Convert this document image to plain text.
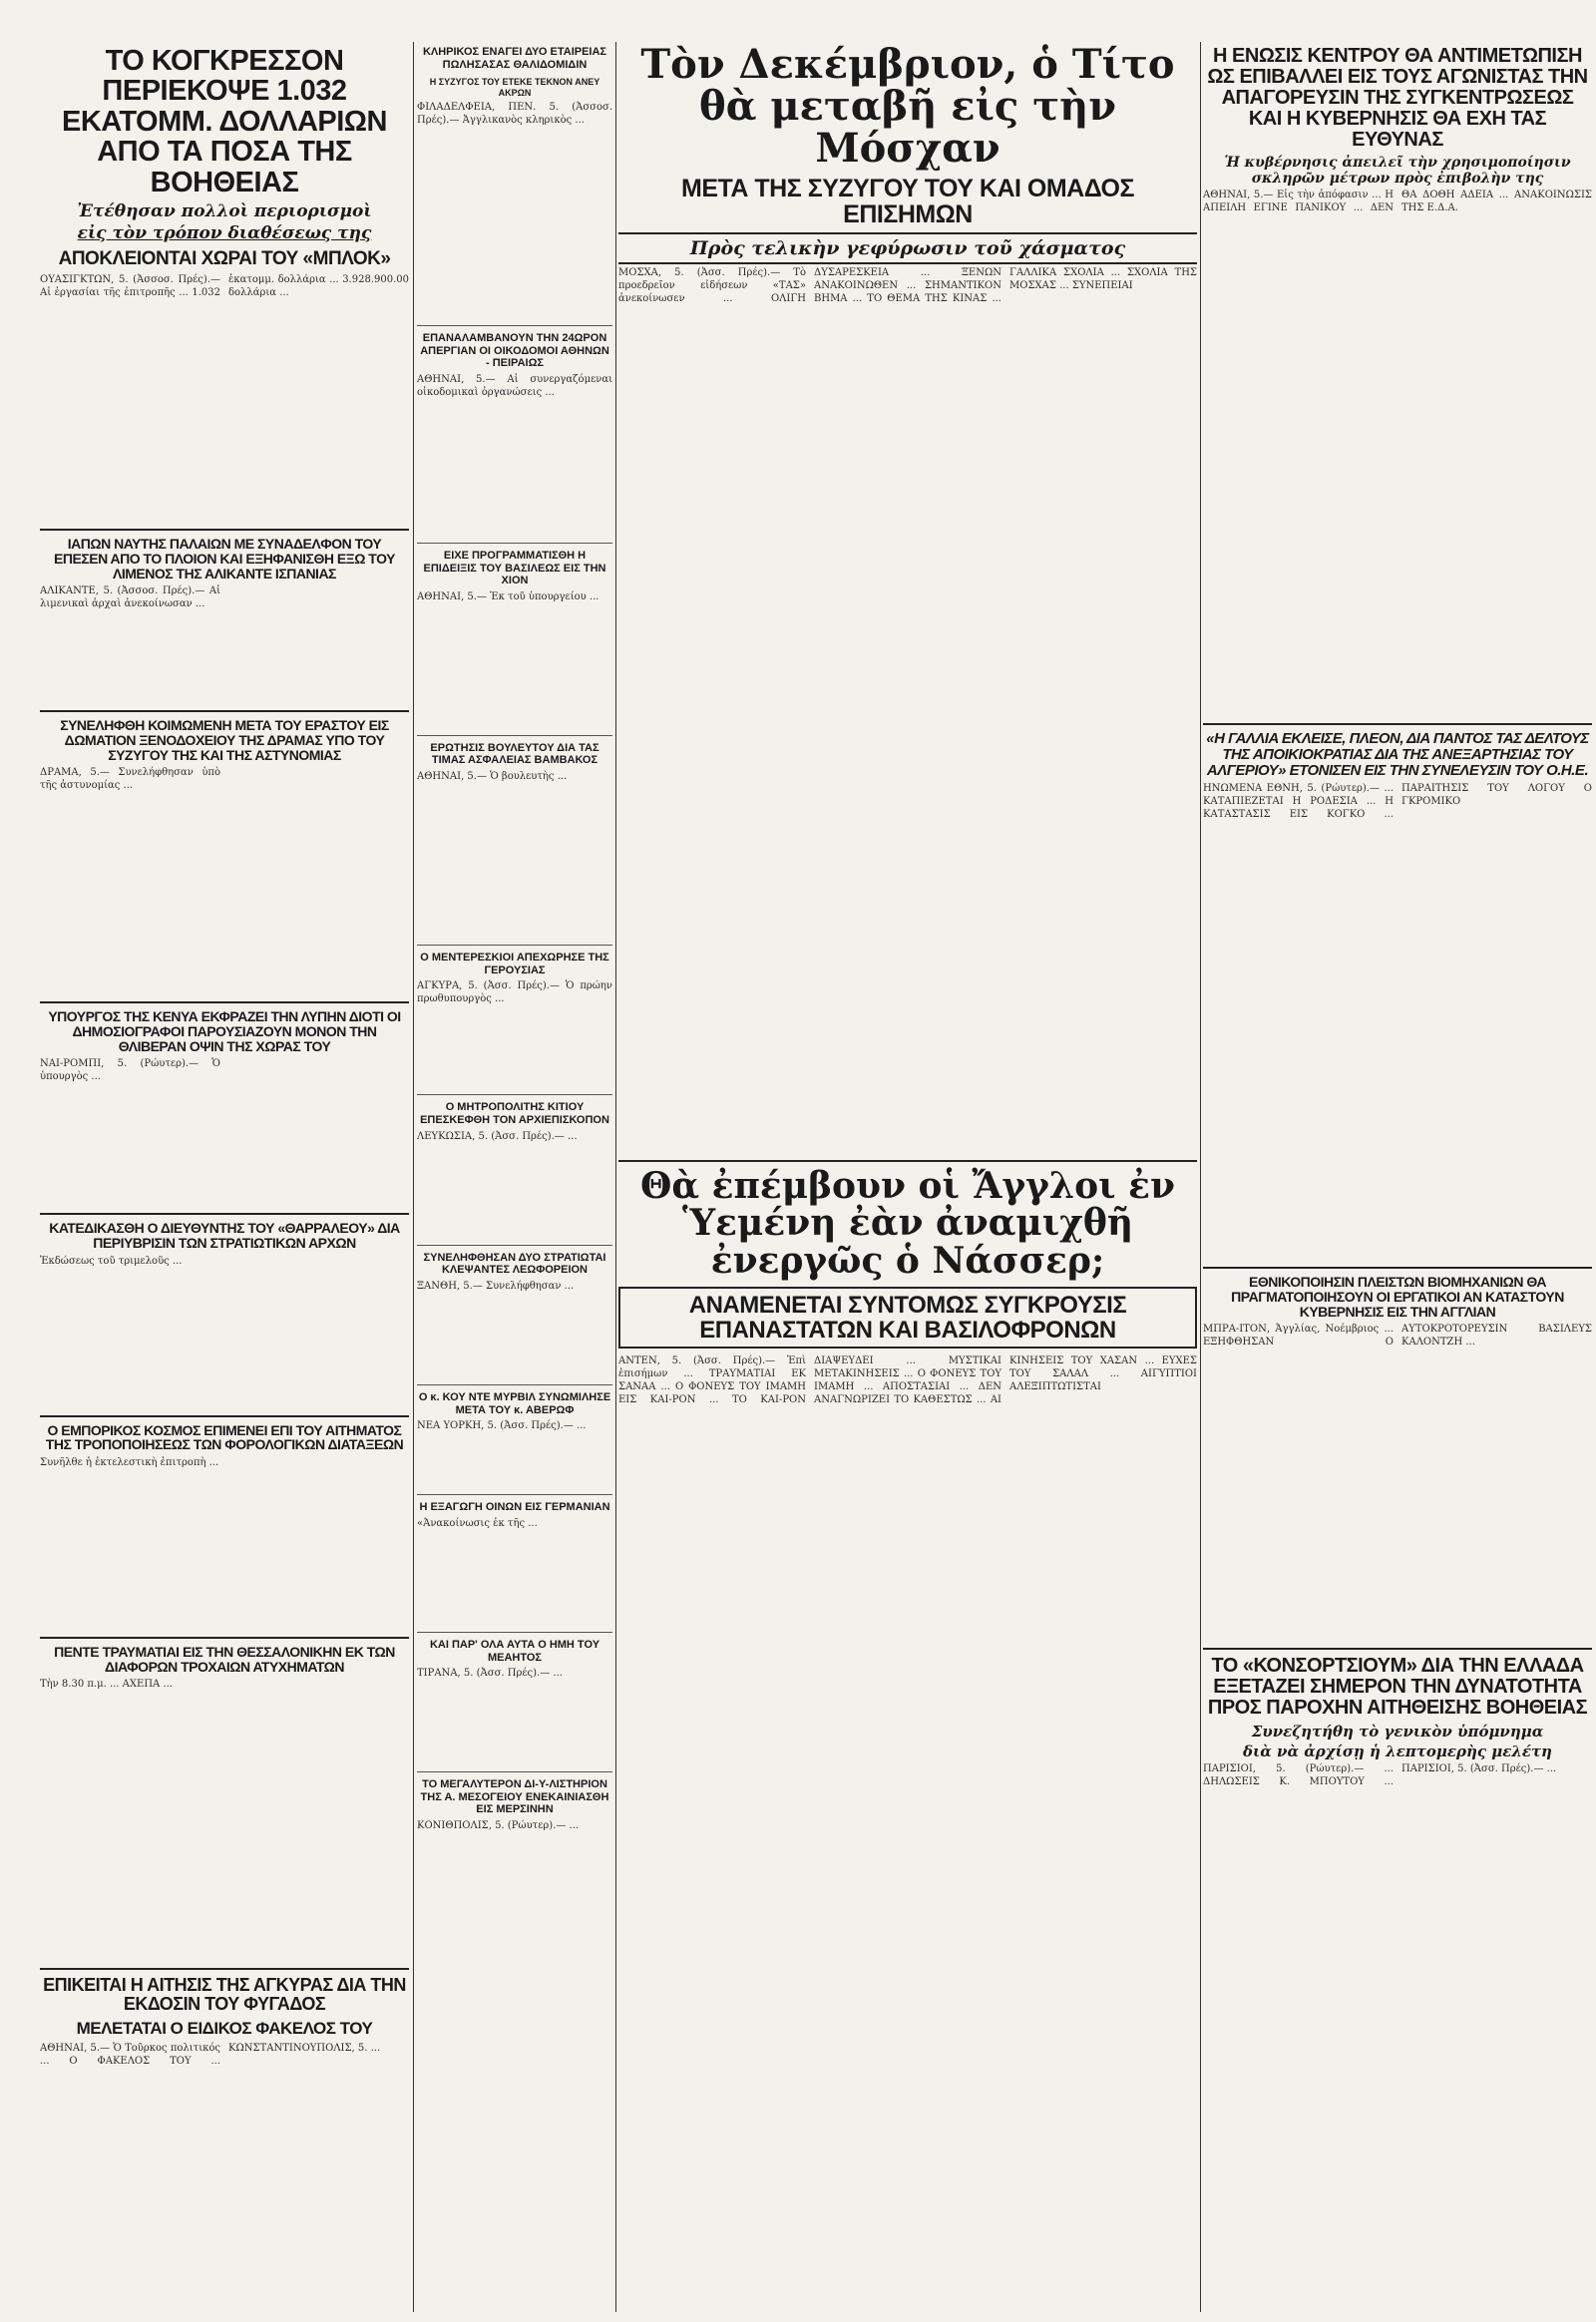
ΤΟ ΚΟΓΚΡΕΣΣΟΝ ΠΕΡΙΕΚΟΨΕ 1.032 ΕΚΑΤΟΜΜ. ΔΟΛΛΑΡΙΩΝ ΑΠΟ ΤΑ ΠΟΣΑ ΤΗΣ ΒΟΗΘΕΙΑΣ
Ἐτέθησαν πολλοὶ περιορισμοὶ
εἰς τὸν τρόπον διαθέσεως της
ΑΠΟΚΛΕΙΟΝΤΑΙ ΧΩΡΑΙ ΤΟΥ «ΜΠΛΟΚ»
ΟΥΑΣΙΓΚΤΩΝ, 5. (Ἀσσοσ. Πρές).— Αἱ ἐργασίαι τῆς ἐπιτροπῆς ... 1.032 ἑκατομμ. δολλάρια ... 3.928.900.00 δολλάρια ...
ΙΑΠΩΝ ΝΑΥΤΗΣ ΠΑΛΑΙΩΝ ΜΕ ΣΥΝΑΔΕΛΦΟΝ ΤΟΥ ΕΠΕΣΕΝ ΑΠΟ ΤΟ ΠΛΟΙΟΝ ΚΑΙ ΕΞΗΦΑΝΙΣΘΗ ΕΞΩ ΤΟΥ ΛΙΜΕΝΟΣ ΤΗΣ ΑΛΙΚΑΝΤΕ ΙΣΠΑΝΙΑΣ
ΑΛΙΚΑΝΤΕ, 5. (Ἀσσοσ. Πρές).— Αἱ λιμενικαὶ ἀρχαὶ ἀνεκοίνωσαν ...
ΣΥΝΕΛΗΦΘΗ ΚΟΙΜΩΜΕΝΗ ΜΕΤΑ ΤΟΥ ΕΡΑΣΤΟΥ ΕΙΣ ΔΩΜΑΤΙΟΝ ΞΕΝΟΔΟΧΕΙΟΥ ΤΗΣ ΔΡΑΜΑΣ ΥΠΟ ΤΟΥ ΣΥΖΥΓΟΥ ΤΗΣ ΚΑΙ ΤΗΣ ΑΣΤΥΝΟΜΙΑΣ
ΔΡΑΜΑ, 5.— Συνελήφθησαν ὑπὸ τῆς ἀστυνομίας ...
ΥΠΟΥΡΓΟΣ ΤΗΣ ΚΕΝΥΑ ΕΚΦΡΑΖΕΙ ΤΗΝ ΛΥΠΗΝ ΔΙΟΤΙ ΟΙ ΔΗΜΟΣΙΟΓΡΑΦΟΙ ΠΑΡΟΥΣΙΑΖΟΥΝ ΜΟΝΟΝ ΤΗΝ ΘΛΙΒΕΡΑΝ ΟΨΙΝ ΤΗΣ ΧΩΡΑΣ ΤΟΥ
ΝΑΙ-ΡΟΜΠΙ, 5. (Ρώυτερ).— Ὁ ὑπουργὸς ...
ΚΑΤΕΔΙΚΑΣΘΗ Ο ΔΙΕΥΘΥΝΤΗΣ ΤΟΥ «ΘΑΡΡΑΛΕΟΥ» ΔΙΑ ΠΕΡΙΥΒΡΙΣΙΝ ΤΩΝ ΣΤΡΑΤΙΩΤΙΚΩΝ ΑΡΧΩΝ
Ἐκδώσεως τοῦ τριμελοῦς ...
Ο ΕΜΠΟΡΙΚΟΣ ΚΟΣΜΟΣ ΕΠΙΜΕΝΕΙ ΕΠΙ ΤΟΥ ΑΙΤΗΜΑΤΟΣ ΤΗΣ ΤΡΟΠΟΠΟΙΗΣΕΩΣ ΤΩΝ ΦΟΡΟΛΟΓΙΚΩΝ ΔΙΑΤΑΞΕΩΝ
Συνῆλθε ἡ ἐκτελεστικὴ ἐπιτροπὴ ...
ΠΕΝΤΕ ΤΡΑΥΜΑΤΙΑΙ ΕΙΣ ΤΗΝ ΘΕΣΣΑΛΟΝΙΚΗΝ ΕΚ ΤΩΝ ΔΙΑΦΟΡΩΝ ΤΡΟΧΑΙΩΝ ΑΤΥΧΗΜΑΤΩΝ
Τὴν 8.30 π.μ. ... ΑΧΕΠΑ ...
ΕΠΙΚΕΙΤΑΙ Η ΑΙΤΗΣΙΣ ΤΗΣ ΑΓΚΥΡΑΣ ΔΙΑ ΤΗΝ ΕΚΔΟΣΙΝ ΤΟΥ ΦΥΓΑΔΟΣ
ΜΕΛΕΤΑΤΑΙ Ο ΕΙΔΙΚΟΣ ΦΑΚΕΛΟΣ ΤΟΥ
ΑΘΗΝΑΙ, 5.— Ὁ Τοῦρκος πολιτικός ... Ο ΦΑΚΕΛΟΣ ΤΟΥ ... ΚΩΝΣΤΑΝΤΙΝΟΥΠΟΛΙΣ, 5. ...
ΚΛΗΡΙΚΟΣ ΕΝΑΓΕΙ ΔΥΟ ΕΤΑΙΡΕΙΑΣ ΠΩΛΗΣΑΣΑΣ ΘΑΛΙΔΟΜΙΔΙΝ
Η ΣΥΖΥΓΟΣ ΤΟΥ ΕΤΕΚΕ ΤΕΚΝΟΝ ΑΝΕΥ ΑΚΡΩΝ
ΦΙΛΑΔΕΛΦΕΙΑ, ΠΕΝ. 5. (Ἀσσοσ. Πρές).— Ἀγγλικανὸς κληρικὸς ...
ΕΠΑΝΑΛΑΜΒΑΝΟΥΝ ΤΗΝ 24ΩΡΟΝ ΑΠΕΡΓΙΑΝ ΟΙ ΟΙΚΟΔΟΜΟΙ ΑΘΗΝΩΝ - ΠΕΙΡΑΙΩΣ
ΑΘΗΝΑΙ, 5.— Αἱ συνεργαζόμεναι οἰκοδομικαὶ ὀργανώσεις ...
ΕΙΧΕ ΠΡΟΓΡΑΜΜΑΤΙΣΘΗ Η ΕΠΙΔΕΙΞΙΣ ΤΟΥ ΒΑΣΙΛΕΩΣ ΕΙΣ ΤΗΝ ΧΙΟΝ
ΑΘΗΝΑΙ, 5.— Ἐκ τοῦ ὑπουργείου ...
ΕΡΩΤΗΣΙΣ ΒΟΥΛΕΥΤΟΥ ΔΙΑ ΤΑΣ ΤΙΜΑΣ ΑΣΦΑΛΕΙΑΣ ΒΑΜΒΑΚΟΣ
ΑΘΗΝΑΙ, 5.— Ὁ βουλευτὴς ...
Ο ΜΕΝΤΕΡΕΣΚΙΟΙ ΑΠΕΧΩΡΗΣΕ ΤΗΣ ΓΕΡΟΥΣΙΑΣ
ΑΓΚΥΡΑ, 5. (Ἀσσ. Πρές).— Ὁ πρώην πρωθυπουργὸς ...
Ο ΜΗΤΡΟΠΟΛΙΤΗΣ ΚΙΤΙΟΥ ΕΠΕΣΚΕΦΘΗ ΤΟΝ ΑΡΧΙΕΠΙΣΚΟΠΟΝ
ΛΕΥΚΩΣΙΑ, 5. (Ἀσσ. Πρές).— ...
ΣΥΝΕΛΗΦΘΗΣΑΝ ΔΥΟ ΣΤΡΑΤΙΩΤΑΙ ΚΛΕΨΑΝΤΕΣ ΛΕΩΦΟΡΕΙΟΝ
ΞΑΝΘΗ, 5.— Συνελήφθησαν ...
Ο κ. ΚΟΥ ΝΤΕ ΜΥΡΒΙΛ ΣΥΝΩΜΙΛΗΣΕ ΜΕΤΑ ΤΟΥ κ. ΑΒΕΡΩΦ
ΝΕΑ ΥΟΡΚΗ, 5. (Ἀσσ. Πρές).— ...
Η ΕΞΑΓΩΓΗ ΟΙΝΩΝ ΕΙΣ ΓΕΡΜΑΝΙΑΝ
«Ἀνακοίνωσις ἐκ τῆς ...
ΚΑΙ ΠΑΡ' ΟΛΑ ΑΥΤΑ Ο ΗΜΗ ΤΟΥ ΜΕΑΗΤΟΣ
ΤΙΡΑΝΑ, 5. (Ἀσσ. Πρές).— ...
ΤΟ ΜΕΓΑΛΥΤΕΡΟΝ ΔΙ-Υ-ΛΙΣΤΗΡΙΟΝ ΤΗΣ Α. ΜΕΣΟΓΕΙΟΥ ΕΝΕΚΑΙΝΙΑΣΘΗ ΕΙΣ ΜΕΡΣΙΝΗΝ
ΚΟΝΙΘΠΟΛΙΣ, 5. (Ρώυτερ).— ...
Τὸν Δεκέμβριον, ὁ Τίτο θὰ μεταβῆ εἰς τὴν Μόσχαν
ΜΕΤΑ ΤΗΣ ΣΥΖΥΓΟΥ ΤΟΥ ΚΑΙ ΟΜΑΔΟΣ ΕΠΙΣΗΜΩΝ
Πρὸς τελικὴν γεφύρωσιν τοῦ χάσματος
ΜΟΣΧΑ, 5. (Ἀσσ. Πρές).— Τὸ προεδρεῖον εἰδήσεων «ΤΑΣ» ἀνεκοίνωσεν ... ΟΛΙΓΗ ΔΥΣΑΡΕΣΚΕΙΑ ... ΞΕΝΩΝ ΑΝΑΚΟΙΝΩΘΕΝ ... ΣΗΜΑΝΤΙΚΟΝ ΒΗΜΑ ... ΤΟ ΘΕΜΑ ΤΗΣ ΚΙΝΑΣ ... ΓΑΛΛΙΚΑ ΣΧΟΛΙΑ ... ΣΧΟΛΙΑ ΤΗΣ ΜΟΣΧΑΣ ... ΣΥΝΕΠΕΙΑΙ
Θὰ ἐπέμβουν οἱ Ἄγγλοι ἐν Ὑεμένη ἐὰν ἀναμιχθῆ ἐνεργῶς ὁ Νάσσερ;
ΑΝΑΜΕΝΕΤΑΙ ΣΥΝΤΟΜΩΣ ΣΥΓΚΡΟΥΣΙΣ ΕΠΑΝΑΣΤΑΤΩΝ ΚΑΙ ΒΑΣΙΛΟΦΡΟΝΩΝ
ΑΝΤΕΝ, 5. (Ἀσσ. Πρές).— Ἐπὶ ἐπισήμων ... ΤΡΑΥΜΑΤΙΑΙ ΕΚ ΣΑΝΑΑ ... Ο ΦΟΝΕΥΣ ΤΟΥ ΙΜΑΜΗ ΕΙΣ ΚΑΙ-ΡΟΝ ... ΤΟ ΚΑΙ-ΡΟΝ ΔΙΑΨΕΥΔΕΙ ... ΜΥΣΤΙΚΑΙ ΜΕΤΑΚΙΝΗΣΕΙΣ ... Ο ΦΟΝΕΥΣ ΤΟΥ ΙΜΑΜΗ ... ΑΠΟΣΤΑΣΙΑΙ ... ΔΕΝ ΑΝΑΓΝΩΡΙΖΕΙ ΤΟ ΚΑΘΕΣΤΩΣ ... ΑΙ ΚΙΝΗΣΕΙΣ ΤΟΥ ΧΑΣΑΝ ... ΕΥΧΕΣ ΤΟΥ ΣΑΛΑΛ ... ΑΙΓΥΠΤΙΟΙ ΑΛΕΞΙΠΤΩΤΙΣΤΑΙ
Η ΕΝΩΣΙΣ ΚΕΝΤΡΟΥ ΘΑ ΑΝΤΙΜΕΤΩΠΙΣΗ ΩΣ ΕΠΙΒΑΛΛΕΙ ΕΙΣ ΤΟΥΣ ΑΓΩΝΙΣΤΑΣ ΤΗΝ ΑΠΑΓΟΡΕΥΣΙΝ ΤΗΣ ΣΥΓΚΕΝΤΡΩΣΕΩΣ ΚΑΙ Η ΚΥΒΕΡΝΗΣΙΣ ΘΑ ΕΧΗ ΤΑΣ ΕΥΘΥΝΑΣ
Ἡ κυβέρνησις ἀπειλεῖ τὴν χρησιμοποίησιν σκληρῶν μέτρων πρὸς ἐπιβολὴν της
ΑΘΗΝΑΙ, 5.— Εἰς τὴν ἀπόφασιν ... Η ΑΠΕΙΛΗ ΕΓΙΝΕ ΠΑΝΙΚΟΥ ... ΔΕΝ ΘΑ ΔΟΘΗ ΑΔΕΙΑ ... ΑΝΑΚΟΙΝΩΣΙΣ ΤΗΣ Ε.Δ.Α.
«Η ΓΑΛΛΙΑ ΕΚΛΕΙΣΕ, ΠΛΕΟΝ, ΔΙΑ ΠΑΝΤΟΣ ΤΑΣ ΔΕΛΤΟΥΣ ΤΗΣ ΑΠΟΙΚΙΟΚΡΑΤΙΑΣ ΔΙΑ ΤΗΣ ΑΝΕΞΑΡΤΗΣΙΑΣ ΤΟΥ ΑΛΓΕΡΙΟΥ» ΕΤΟΝΙΣΕΝ ΕΙΣ ΤΗΝ ΣΥΝΕΛΕΥΣΙΝ ΤΟΥ Ο.Η.Ε.
ΗΝΩΜΕΝΑ ΕΘΝΗ, 5. (Ρώυτερ).— ... ΚΑΤΑΠΙΕΖΕΤΑΙ Η ΡΟΔΕΣΙΑ ... Η ΚΑΤΑΣΤΑΣΙΣ ΕΙΣ ΚΟΓΚΟ ... ΠΑΡΑΙΤΗΣΙΣ ΤΟΥ ΛΟΓΟΥ Ο ΓΚΡΟΜΙΚΟ
ΕΘΝΙΚΟΠΟΙΗΣΙΝ ΠΛΕΙΣΤΩΝ ΒΙΟΜΗΧΑΝΙΩΝ ΘΑ ΠΡΑΓΜΑΤΟΠΟΙΗΣΟΥΝ ΟΙ ΕΡΓΑΤΙΚΟΙ ΑΝ ΚΑΤΑΣΤΟΥΝ ΚΥΒΕΡΝΗΣΙΣ ΕΙΣ ΤΗΝ ΑΓΓΛΙΑΝ
ΜΠΡΑ-ΙΤΟΝ, Ἀγγλίας, Νοέμβριος ... ΕΞΗΦΘΗΣΑΝ Ο ΑΥΤΟΚΡΟΤΟΡΕΥΣΙΝ ΒΑΣΙΛΕΥΣ ΚΑΛΟΝΤΖΗ ...
ΤΟ «ΚΟΝΣΟΡΤΣΙΟΥΜ» ΔΙΑ ΤΗΝ ΕΛΛΑΔΑ ΕΞΕΤΑΖΕΙ ΣΗΜΕΡΟΝ ΤΗΝ ΔΥΝΑΤΟΤΗΤΑ ΠΡΟΣ ΠΑΡΟΧΗΝ ΑΙΤΗΘΕΙΣΗΣ ΒΟΗΘΕΙΑΣ
Συνεζητήθη τὸ γενικὸν ὑπόμνημα
διὰ νὰ ἀρχίσῃ ἡ λεπτομερὴς μελέτη
ΠΑΡΙΣΙΟΙ, 5. (Ρώυτερ).— ... ΔΗΛΩΣΕΙΣ Κ. ΜΠΟΥΤΟΥ ... ΠΑΡΙΣΙΟΙ, 5. (Ἀσσ. Πρές).— ...
